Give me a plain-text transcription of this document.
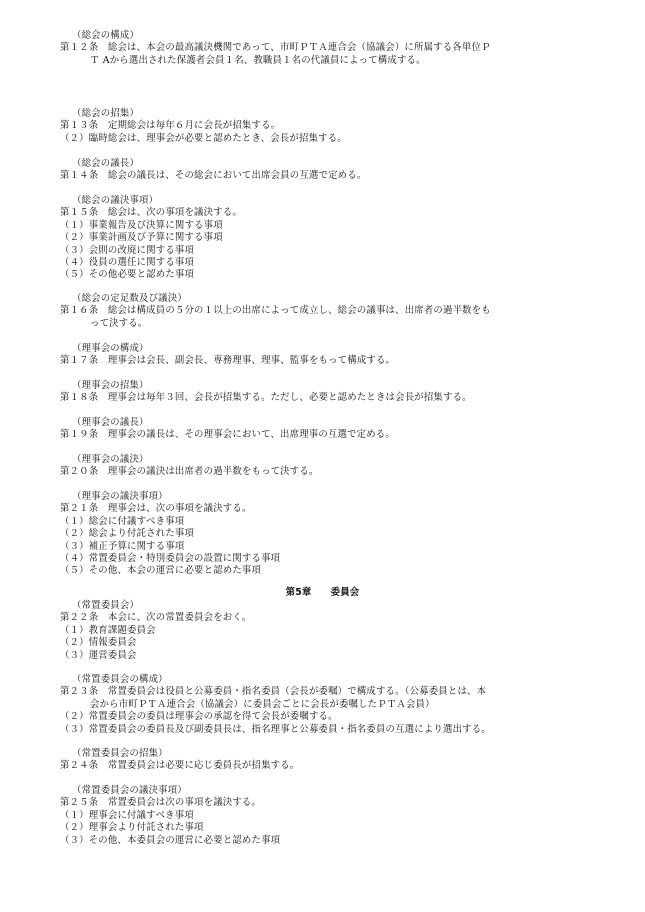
（総会の構成）
第１２条　総会は、本会の最高議決機関であって、市町ＰＴＡ連合会（協議会）に所属する各単位Ｐ
Ｔ Aから選出された保護者会員１名、教職員１名の代議員によって構成する。
（総会の招集）
第１３条　定期総会は毎年６月に会長が招集する。
（２）臨時総会は、理事会が必要と認めたとき、会長が招集する。
（総会の議長）
第１４条　総会の議長は、その総会において出席会員の互選で定める。
（総会の議決事項）
第１５条　総会は、次の事項を議決する。
（１）事業報告及び決算に関する事項
（２）事業計画及び予算に関する事項
（３）会則の改廃に関する事項
（４）役員の選任に関する事項
（５）その他必要と認めた事項
（総会の定足数及び議決）
第１６条　総会は構成員の５分の１以上の出席によって成立し、総会の議事は、出席者の過半数をも
って決する。
（理事会の構成）
第１７条　理事会は会長、副会長、専務理事、理事、監事をもって構成する。
（理事会の招集）
第１８条　理事会は毎年３回、会長が招集する。ただし、必要と認めたときは会長が招集する。
（理事会の議長）
第１９条　理事会の議長は、その理事会において、出席理事の互選で定める。
（理事会の議決）
第２０条　理事会の議決は出席者の過半数をもって決する。
（理事会の議決事項）
第２１条　理事会は、次の事項を議決する。
（１）総会に付議すべき事項
（２）総会より付託された事項
（３）補正予算に関する事項
（４）常置委員会・特別委員会の設置に関する事項
（５）その他、本会の運営に必要と認めた事項
第5章　　委員会
（常置委員会）
第２２条　本会に、次の常置委員会をおく。
（１）教育課題委員会
（２）情報委員会
（３）運営委員会
（常置委員会の構成）
第２３条　常置委員会は役員と公募委員・指名委員（会長が委嘱）で構成する。（公募委員とは、本
会から市町ＰＴＡ連合会（協議会）に委員会ごとに会長が委嘱したＰＴＡ会員）
（２）常置委員会の委員は理事会の承認を得て会長が委嘱する。
（３）常置委員会の委員長及び副委員長は、指名理事と公募委員・指名委員の互選により選出する。
（常置委員会の招集）
第２４条　常置委員会は必要に応じ委員長が招集する。
（常置委員会の議決事項）
第２５条　常置委員会は次の事項を議決する。
（１）理事会に付議すべき事項
（２）理事会より付託された事項
（３）その他、本委員会の運営に必要と認めた事項
